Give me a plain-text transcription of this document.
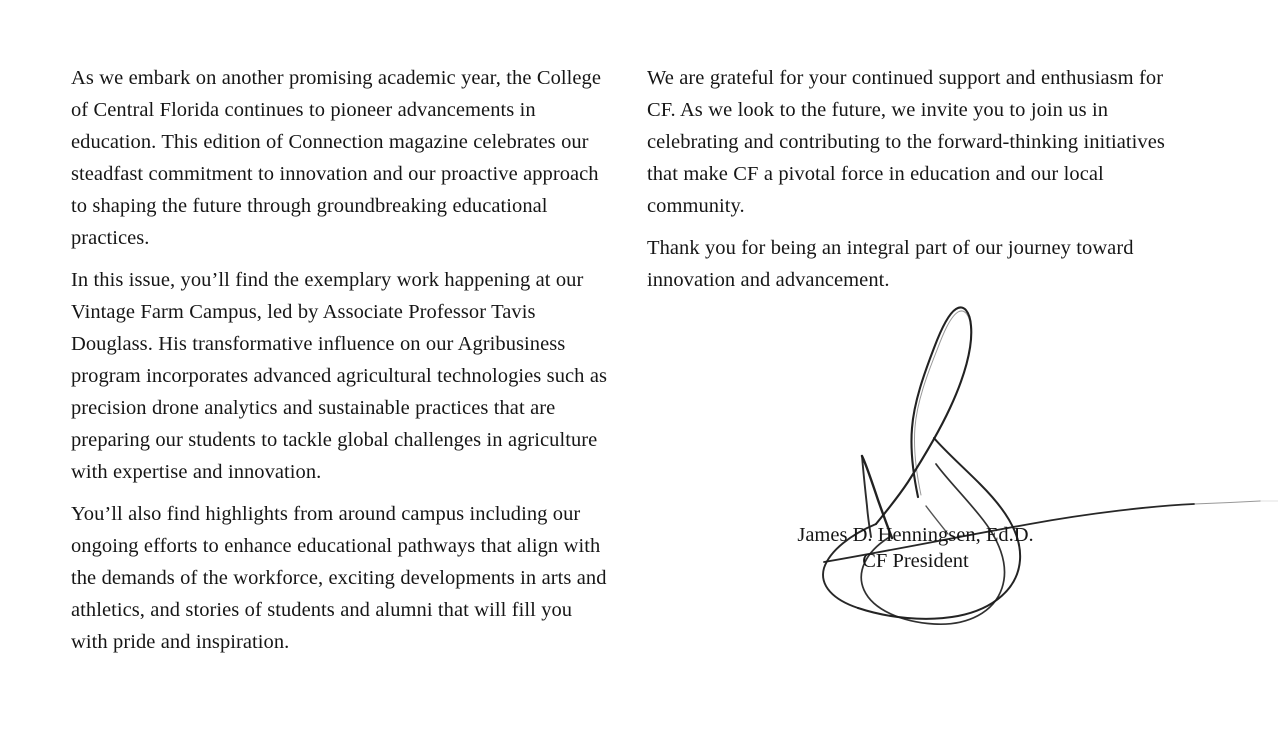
As we embark on another promising academic year, the College of Central Florida continues to pioneer advancements in education. This edition of Connection magazine celebrates our steadfast commitment to innovation and our proactive approach to shaping the future through groundbreaking educational practices.

In this issue, you’ll find the exemplary work happening at our Vintage Farm Campus, led by Associate Professor Tavis Douglass. His transformative influence on our Agribusiness program incorporates advanced agricultural technologies such as precision drone analytics and sustainable practices that are preparing our students to tackle global challenges in agriculture with expertise and innovation.

You’ll also find highlights from around campus including our ongoing efforts to enhance educational pathways that align with the demands of the workforce, exciting developments in arts and athletics, and stories of students and alumni that will fill you with pride and inspiration.

We are grateful for your continued support and enthusiasm for CF. As we look to the future, we invite you to join us in celebrating and contributing to the forward-thinking initiatives that make CF a pivotal force in education and our local community.

Thank you for being an integral part of our journey toward innovation and advancement.

James D. Henningsen, Ed.D.
CF President
